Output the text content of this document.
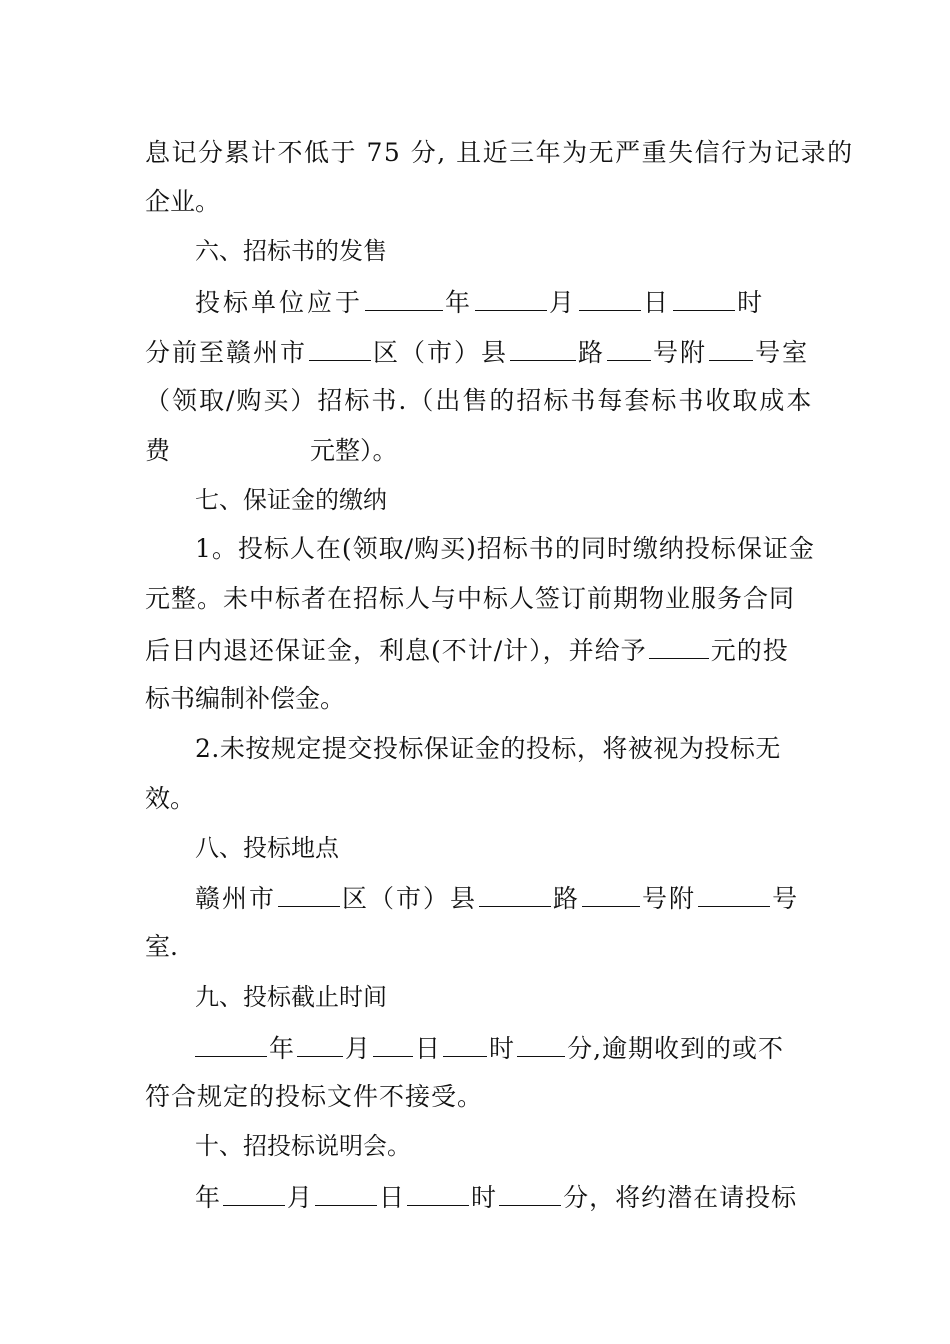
息记分累计不低于 75 分, 且近三年为无严重失信行为记录的
企业。
六、招标书的发售
投标单位应于	年	月	日	时
分前至赣州市	区（市）县	路 号附 号室
（领取/购买）招标书.（出售的招标书每套标书收取成本
费	元整）。
七、保证金的缴纳
1。投标人在(领取/购买)招标书的同时缴纳投标保证金
元整。未中标者在招标人与中标人签订前期物业服务合同
后日内退还保证金，利息(不计/计），并给予	元的投
标书编制补偿金。
2.未按规定提交投标保证金的投标，将被视为投标无
效。
八、投标地点
赣州市	区（市）县	路 号附	号
室.
九、投标截止时间
年 月 日 时 分,逾期收到的或不
符合规定的投标文件不接受。
十、招投标说明会。
年	月	日	时	分，将约潜在请投标
